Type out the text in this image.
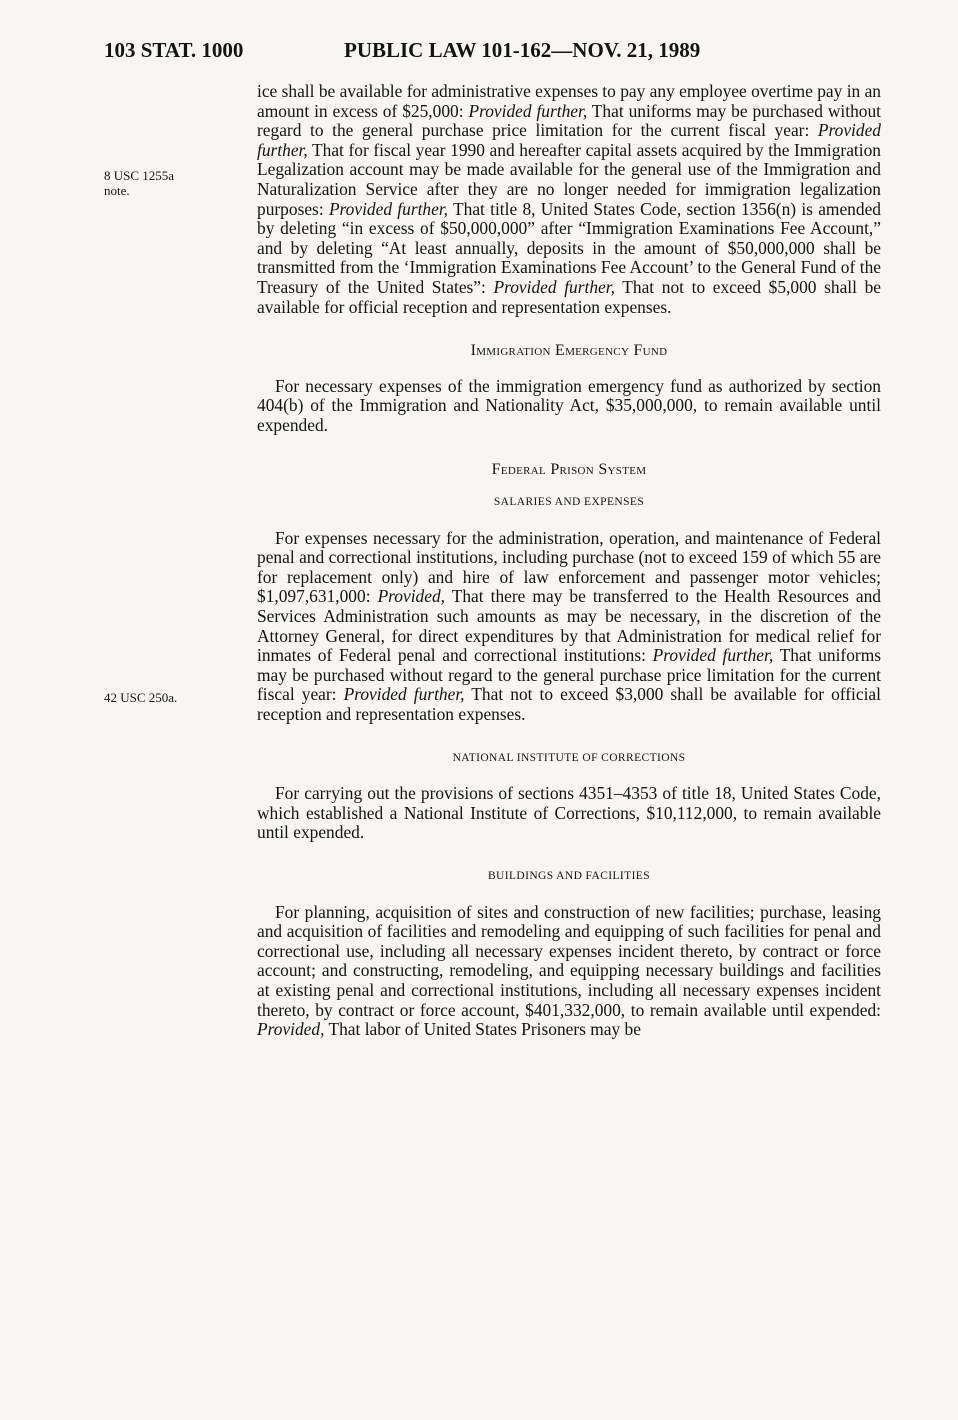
103 STAT. 1000	PUBLIC LAW 101-162—NOV. 21, 1989
8 USC 1255a
note.
42 USC 250a.

ice shall be available for administrative expenses to pay any employee overtime pay in an amount in excess of $25,000: Provided further, That uniforms may be purchased without regard to the general purchase price limitation for the current fiscal year: Provided further, That for fiscal year 1990 and hereafter capital assets acquired by the Immigration Legalization account may be made available for the general use of the Immigration and Naturalization Service after they are no longer needed for immigration legalization purposes: Provided further, That title 8, United States Code, section 1356(n) is amended by deleting “in excess of $50,000,000” after “Immigration Examinations Fee Account,” and by deleting “At least annually, deposits in the amount of $50,000,000 shall be transmitted from the ‘Immigration Examinations Fee Account’ to the General Fund of the Treasury of the United States”: Provided further, That not to exceed $5,000 shall be available for official reception and representation expenses.

Immigration Emergency Fund

For necessary expenses of the immigration emergency fund as authorized by section 404(b) of the Immigration and Nationality Act, $35,000,000, to remain available until expended.

Federal Prison System

SALARIES AND EXPENSES

For expenses necessary for the administration, operation, and maintenance of Federal penal and correctional institutions, including purchase (not to exceed 159 of which 55 are for replacement only) and hire of law enforcement and passenger motor vehicles; $1,097,631,000: Provided, That there may be transferred to the Health Resources and Services Administration such amounts as may be necessary, in the discretion of the Attorney General, for direct expenditures by that Administration for medical relief for inmates of Federal penal and correctional institutions: Provided further, That uniforms may be purchased without regard to the general purchase price limitation for the current fiscal year: Provided further, That not to exceed $3,000 shall be available for official reception and representation expenses.

NATIONAL INSTITUTE OF CORRECTIONS

For carrying out the provisions of sections 4351–4353 of title 18, United States Code, which established a National Institute of Corrections, $10,112,000, to remain available until expended.

BUILDINGS AND FACILITIES

For planning, acquisition of sites and construction of new facilities; purchase, leasing and acquisition of facilities and remodeling and equipping of such facilities for penal and correctional use, including all necessary expenses incident thereto, by contract or force account; and constructing, remodeling, and equipping necessary buildings and facilities at existing penal and correctional institutions, including all necessary expenses incident thereto, by contract or force account, $401,332,000, to remain available until expended: Provided, That labor of United States Prisoners may be
